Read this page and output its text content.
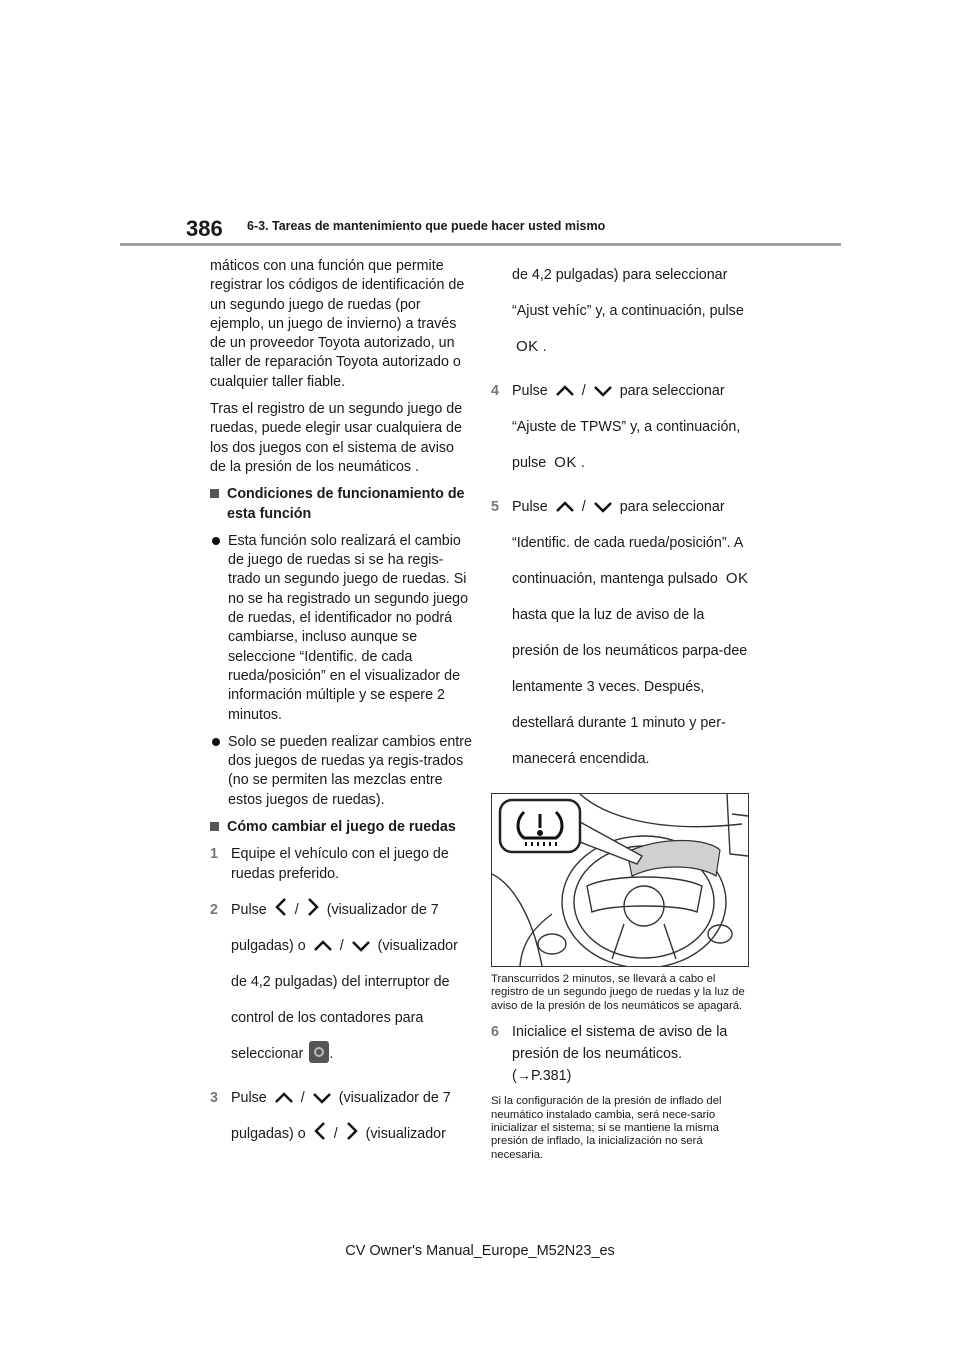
386 6-3. Tareas de mantenimiento que puede hacer usted mismo

máticos con una función que permite registrar los códigos de identificación de un segundo juego de ruedas (por ejemplo, un juego de invierno) a través de un proveedor Toyota autorizado, un taller de reparación Toyota autorizado o cualquier taller fiable.

Tras el registro de un segundo juego de ruedas, puede elegir usar cualquiera de los dos juegos con el sistema de aviso de la presión de los neumáticos .

Condiciones de funcionamiento de esta función
Esta función solo realizará el cambio de juego de ruedas si se ha regis-trado un segundo juego de ruedas. Si no se ha registrado un segundo juego de ruedas, el identificador no podrá cambiarse, incluso aunque se seleccione “Identific. de cada rueda/posición” en el visualizador de información múltiple y se espere 2 minutos.
Solo se pueden realizar cambios entre dos juegos de ruedas ya regis-trados (no se permiten las mezclas entre estos juegos de ruedas).
Cómo cambiar el juego de ruedas
1 Equipe el vehículo con el juego de ruedas preferido.
2 Pulse / (visualizador de 7 pulgadas) o / (visualizador de 4,2 pulgadas) del interruptor de control de los contadores para seleccionar .
3 Pulse / (visualizador de 7 pulgadas) o / (visualizador
de 4,2 pulgadas) para seleccionar “Ajust vehíc” y, a continuación, pulse OK .
4 Pulse / para seleccionar “Ajuste de TPWS” y, a continuación, pulse OK .
5 Pulse / para seleccionar “Identific. de cada rueda/posición”. A continuación, mantenga pulsado OK hasta que la luz de aviso de la presión de los neumáticos parpa-dee lentamente 3 veces. Después, destellará durante 1 minuto y per-manecerá encendida.

Transcurridos 2 minutos, se llevará a cabo el registro de un segundo juego de ruedas y la luz de aviso de la presión de los neumáticos se apagará.

6 Inicialice el sistema de aviso de la presión de los neumáticos.
(→P.381)

Si la configuración de la presión de inflado del neumático instalado cambia, será nece-sario inicializar el sistema; si se mantiene la misma presión de inflado, la inicialización no será necesaria.

CV Owner's Manual_Europe_M52N23_es
